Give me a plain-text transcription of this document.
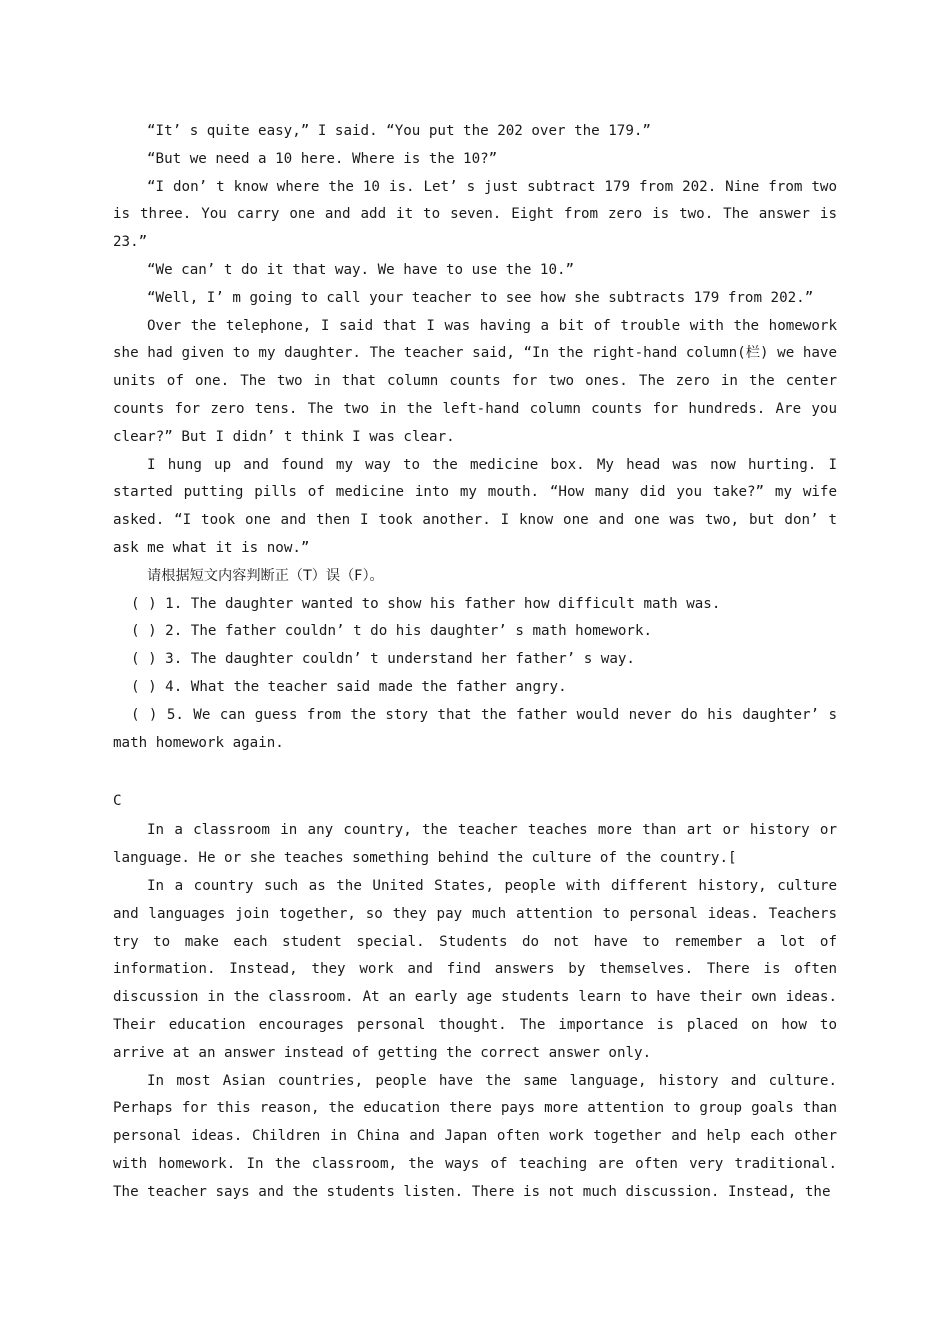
“It’ s quite easy,” I said. “You put the 202 over the 179.”

“But we need a 10 here. Where is the 10?”

“I don’ t know where the 10 is. Let’ s just subtract 179 from 202. Nine from two is three. You carry one and add it to seven. Eight from zero is two. The answer is 23.”

“We can’ t do it that way. We have to use the 10.”

“Well, I’ m going to call your teacher to see how she subtracts 179 from 202.”

Over the telephone, I said that I was having a bit of trouble with the homework she had given to my daughter. The teacher said, “In the right-hand column(栏) we have units of one. The two in that column counts for two ones. The zero in the center counts for zero tens. The two in the left-hand column counts for hundreds. Are you clear?” But I didn’ t think I was clear.

I hung up and found my way to the medicine box. My head was now hurting. I started putting pills of medicine into my mouth. “How many did you take?” my wife asked. “I took one and then I took another. I know one and one was two, but don’ t ask me what it is now.”

请根据短文内容判断正（T）误（F）。

( ) 1. The daughter wanted to show his father how difficult math was.

( ) 2. The father couldn’ t do his daughter’ s math homework.

( ) 3. The daughter couldn’ t understand her father’ s way.

( ) 4. What the teacher said made the father angry.

( ) 5. We can guess from the story that the father would never do his daughter’ s math homework again.

C

In a classroom in any country, the teacher teaches more than art or history or language. He or she teaches something behind the culture of the country.[

In a country such as the United States, people with different history, culture and languages join together, so they pay much attention to personal ideas. Teachers try to make each student special. Students do not have to remember a lot of information. Instead, they work and find answers by themselves. There is often discussion in the classroom. At an early age students learn to have their own ideas. Their education encourages personal thought. The importance is placed on how to arrive at an answer instead of getting the correct answer only.

In most Asian countries, people have the same language, history and culture. Perhaps for this reason, the education there pays more attention to group goals than personal ideas. Children in China and Japan often work together and help each other with homework. In the classroom, the ways of teaching are often very traditional. The teacher says and the students listen. There is not much discussion. Instead, the
